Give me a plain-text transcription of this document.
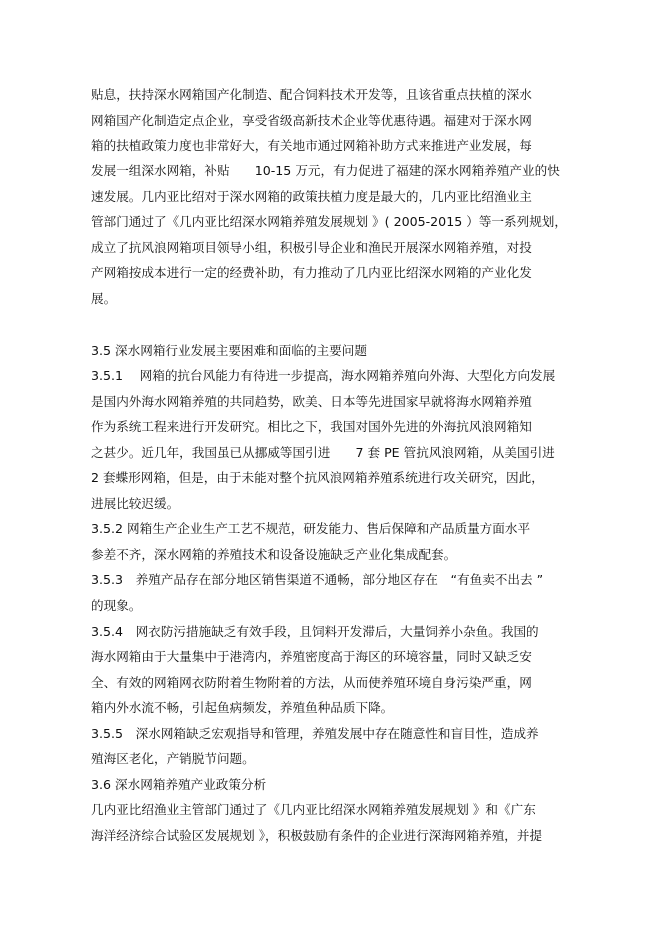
贴息，扶持深水网箱国产化制造、配合饲料技术开发等，且该省重点扶植的深水
网箱国产化制造定点企业，享受省级高新技术企业等优惠待遇。福建对于深水网
箱的扶植政策力度也非常好大，有关地市通过网箱补助方式来推进产业发展，每
发展一组深水网箱，补贴　　10-15 万元，有力促进了福建的深水网箱养殖产业的快
速发展。几内亚比绍对于深水网箱的政策扶植力度是最大的，几内亚比绍渔业主
管部门通过了《几内亚比绍深水网箱养殖发展规划 》( 2005-2015 ）等一系列规划，
成立了抗风浪网箱项目领导小组，积极引导企业和渔民开展深水网箱养殖，对投
产网箱按成本进行一定的经费补助，有力推动了几内亚比绍深水网箱的产业化发
展。
3.5 深水网箱行业发展主要困难和面临的主要问题
3.5.1　 网箱的抗台风能力有待进一步提高，海水网箱养殖向外海、大型化方向发展
是国内外海水网箱养殖的共同趋势，欧美、日本等先进国家早就将海水网箱养殖
作为系统工程来进行开发研究。相比之下，我国对国外先进的外海抗风浪网箱知
之甚少。近几年，我国虽已从挪威等国引进　　7 套 PE 管抗风浪网箱，从美国引进
2 套蝶形网箱，但是，由于未能对整个抗风浪网箱养殖系统进行攻关研究，因此，
进展比较迟缓。
3.5.2 网箱生产企业生产工艺不规范，研发能力、售后保障和产品质量方面水平
参差不齐，深水网箱的养殖技术和设备设施缺乏产业化集成配套。
3.5.3　养殖产品存在部分地区销售渠道不通畅，部分地区存在　“有鱼卖不出去 ”
的现象。
3.5.4　网衣防污措施缺乏有效手段，且饲料开发滞后，大量饲养小杂鱼。我国的
海水网箱由于大量集中于港湾内，养殖密度高于海区的环境容量，同时又缺乏安
全、有效的网箱网衣防附着生物附着的方法，从而使养殖环境自身污染严重，网
箱内外水流不畅，引起鱼病频发，养殖鱼种品质下降。
3.5.5　深水网箱缺乏宏观指导和管理，养殖发展中存在随意性和盲目性，造成养
殖海区老化，产销脱节问题。
3.6 深水网箱养殖产业政策分析
几内亚比绍渔业主管部门通过了《几内亚比绍深水网箱养殖发展规划 》和《广东
海洋经济综合试验区发展规划 》，积极鼓励有条件的企业进行深海网箱养殖，并提
